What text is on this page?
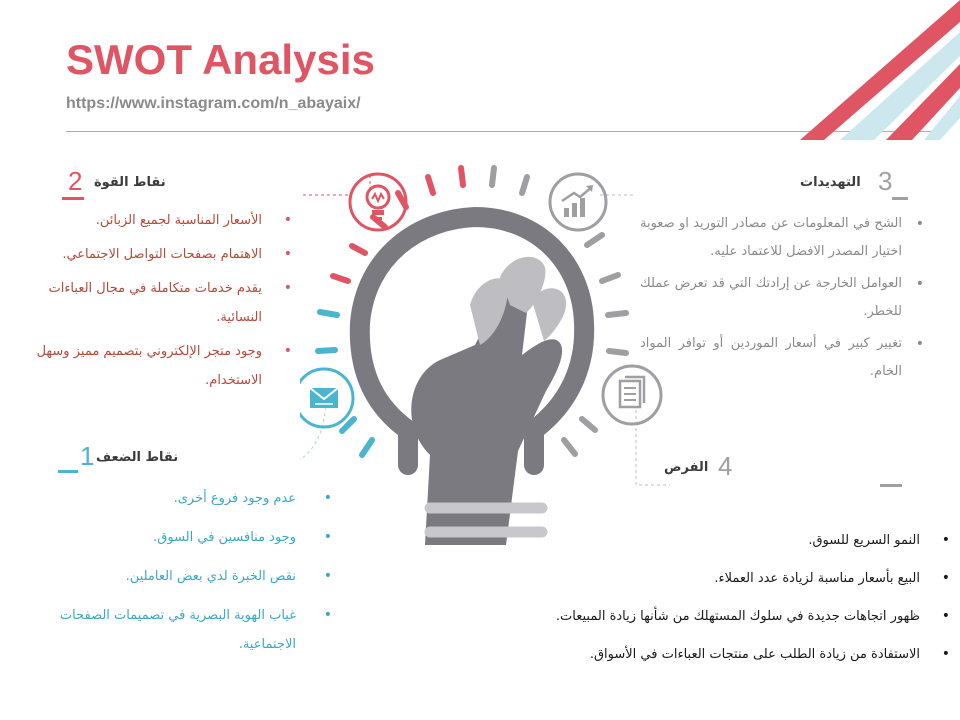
SWOT Analysis
https://www.instagram.com/n_abayaix/
2 نقاط القوة
• الأسعار المناسبة لجميع الزبائن.
• الاهتمام بصفحات التواصل الاجتماعي.
• يقدم خدمات متكاملة في مجال العباءات النسائية.
• وجود متجر الإلكتروني بتصميم مميز وسهل الاستخدام.
1 نقاط الضعف
• عدم وجود فروع أخرى.
• وجود منافسين في السوق.
• نقص الخبرة لدي بعض العاملين.
• غياب الهوية البصرية في تصميمات الصفحات الاجتماعية.
التهديدات 3
• الشح في المعلومات عن مصادر التوريد او صعوبة اختيار المصدر الافضل للاعتماد عليه.
• العوامل الخارجة عن إرادتك التي قد تعرض عملك للخطر.
• تغيير كبير في أسعار الموردين أو توافر المواد الخام.
الفرص 4
• النمو السريع للسوق.
• البيع بأسعار مناسبة لزيادة عدد العملاء.
• ظهور اتجاهات جديدة في سلوك المستهلك من شأنها زيادة المبيعات.
• الاستفادة من زيادة الطلب على منتجات العباءات في الأسواق.
